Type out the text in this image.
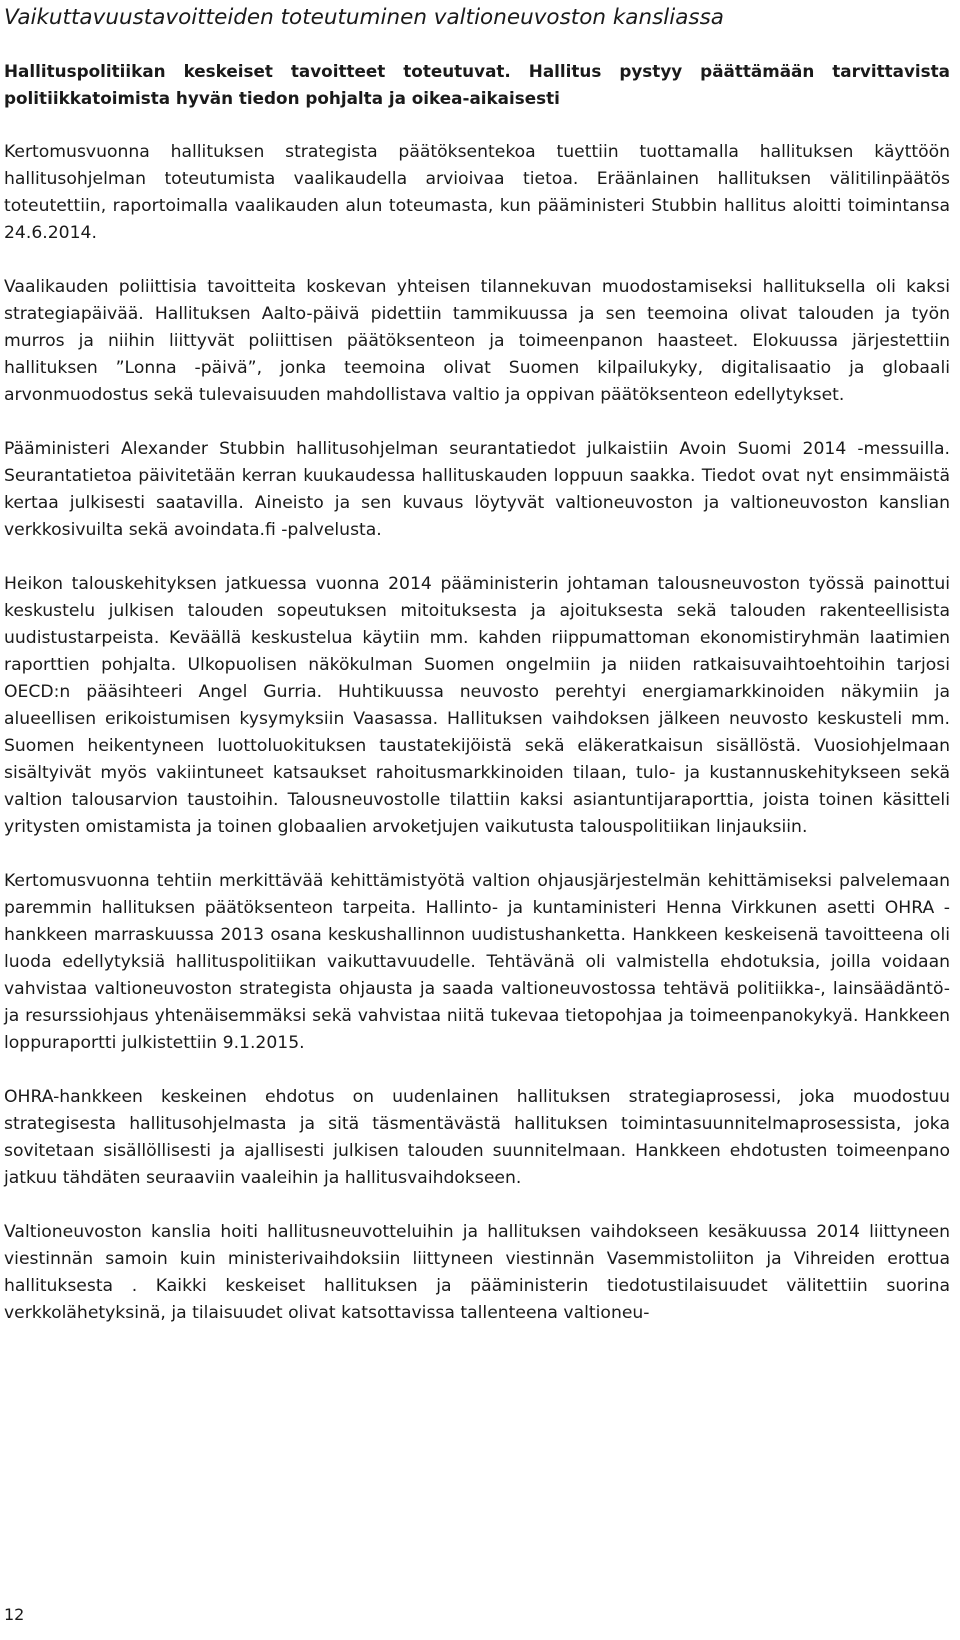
Vaikuttavuustavoitteiden toteutuminen valtioneuvoston kansliassa

Hallituspolitiikan keskeiset tavoitteet toteutuvat. Hallitus pystyy päättämään tarvittavista politiikkatoimista hyvän tiedon pohjalta ja oikea-aikaisesti

Kertomusvuonna hallituksen strategista päätöksentekoa tuettiin tuottamalla hallituksen käyttöön hallitusohjelman toteutumista vaalikaudella arvioivaa tietoa. Eräänlainen hallituksen välitilinpäätös toteutettiin, raportoimalla vaalikauden alun toteumasta, kun pääministeri Stubbin hallitus aloitti toimintansa 24.6.2014.

Vaalikauden poliittisia tavoitteita koskevan yhteisen tilannekuvan muodostamiseksi hallituksella oli kaksi strategiapäivää. Hallituksen Aalto-päivä pidettiin tammikuussa ja sen teemoina olivat talouden ja työn murros ja niihin liittyvät poliittisen päätöksenteon ja toimeenpanon haasteet. Elokuussa järjestettiin hallituksen ”Lonna -päivä”, jonka teemoina olivat Suomen kilpailukyky, digitalisaatio ja globaali arvonmuodostus sekä tulevaisuuden mahdollistava valtio ja oppivan päätöksenteon edellytykset.

Pääministeri Alexander Stubbin hallitusohjelman seurantatiedot julkaistiin Avoin Suomi 2014 -messuilla. Seurantatietoa päivitetään kerran kuukaudessa hallituskauden loppuun saakka. Tiedot ovat nyt ensimmäistä kertaa julkisesti saatavilla. Aineisto ja sen kuvaus löytyvät valtioneuvoston ja valtioneuvoston kanslian verkkosivuilta sekä avoindata.fi -palvelusta.

Heikon talouskehityksen jatkuessa vuonna 2014 pääministerin johtaman talousneuvoston työssä painottui keskustelu julkisen talouden sopeutuksen mitoituksesta ja ajoituksesta sekä talouden rakenteellisista uudistustarpeista. Keväällä keskustelua käytiin mm. kahden riippumattoman ekonomistiryhmän laatimien raporttien pohjalta. Ulkopuolisen näkökulman Suomen ongelmiin ja niiden ratkaisuvaihtoehtoihin tarjosi OECD:n pääsihteeri Angel Gurria. Huhtikuussa neuvosto perehtyi energiamarkkinoiden näkymiin ja alueellisen erikoistumisen kysymyksiin Vaasassa. Hallituksen vaihdoksen jälkeen neuvosto keskusteli mm. Suomen heikentyneen luottoluokituksen taustatekijöistä sekä eläkeratkaisun sisällöstä. Vuosiohjelmaan sisältyivät myös vakiintuneet katsaukset rahoitusmarkkinoiden tilaan, tulo- ja kustannuskehitykseen sekä valtion talousarvion taustoihin. Talousneuvostolle tilattiin kaksi asiantuntijaraporttia, joista toinen käsitteli yritysten omistamista ja toinen globaalien arvoketjujen vaikutusta talouspolitiikan linjauksiin.

Kertomusvuonna tehtiin merkittävää kehittämistyötä valtion ohjausjärjestelmän kehittämiseksi palvelemaan paremmin hallituksen päätöksenteon tarpeita. Hallinto- ja kuntaministeri Henna Virkkunen asetti OHRA -hankkeen marraskuussa 2013 osana keskushallinnon uudistushanketta. Hankkeen keskeisenä tavoitteena oli luoda edellytyksiä hallituspolitiikan vaikuttavuudelle. Tehtävänä oli valmistella ehdotuksia, joilla voidaan vahvistaa valtioneuvoston strategista ohjausta ja saada valtioneuvostossa tehtävä politiikka-, lainsäädäntö- ja resurssiohjaus yhtenäisemmäksi sekä vahvistaa niitä tukevaa tietopohjaa ja toimeenpanokykyä. Hankkeen loppuraportti julkistettiin 9.1.2015.

OHRA-hankkeen keskeinen ehdotus on uudenlainen hallituksen strategiaprosessi, joka muodostuu strategisesta hallitusohjelmasta ja sitä täsmentävästä hallituksen toimintasuunnitelmaprosessista, joka sovitetaan sisällöllisesti ja ajallisesti julkisen talouden suunnitelmaan. Hankkeen ehdotusten toimeenpano jatkuu tähdäten seuraaviin vaaleihin ja hallitusvaihdokseen.

Valtioneuvoston kanslia hoiti hallitusneuvotteluihin ja hallituksen vaihdokseen kesäkuussa 2014 liittyneen viestinnän samoin kuin ministerivaihdoksiin liittyneen viestinnän Vasemmistoliiton ja Vihreiden erottua hallituksesta . Kaikki keskeiset hallituksen ja pääministerin tiedotustilaisuudet välitettiin suorina verkkolähetyksinä, ja tilaisuudet olivat katsottavissa tallenteena valtioneu-

12
